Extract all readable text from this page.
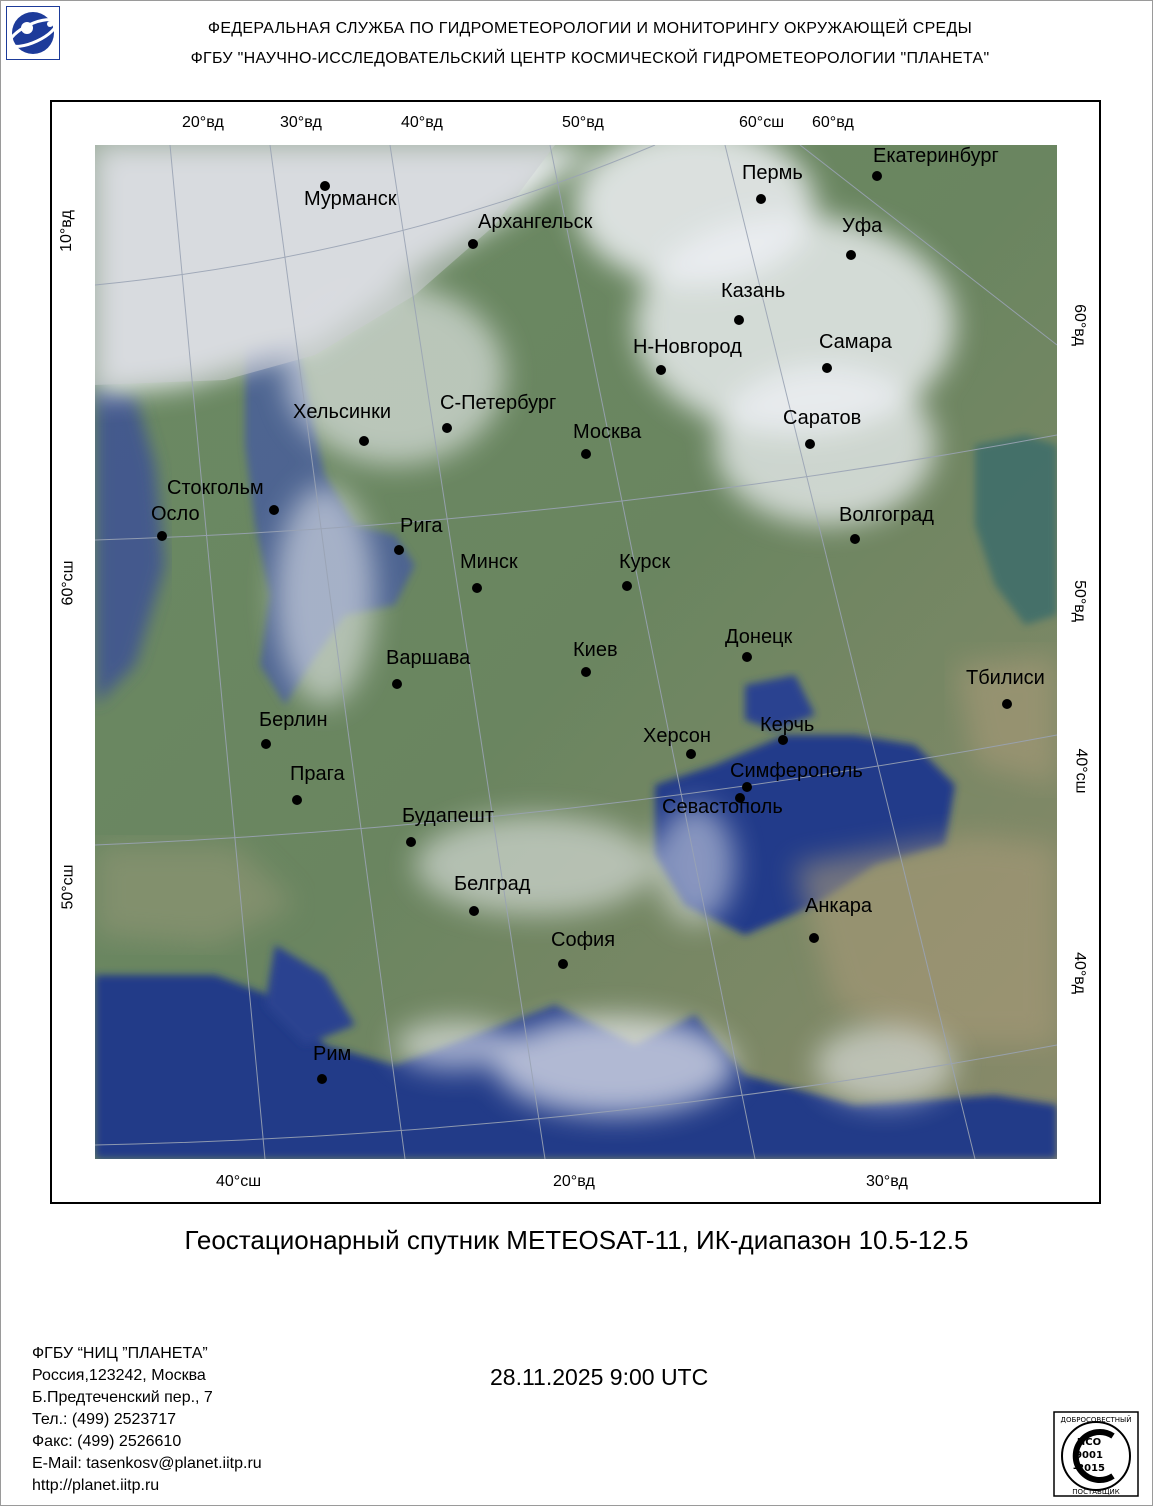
ФЕДЕРАЛЬНАЯ СЛУЖБА ПО ГИДРОМЕТЕОРОЛОГИИ И МОНИТОРИНГУ ОКРУЖАЮЩЕЙ СРЕДЫ
ФГБУ "НАУЧНО-ИССЛЕДОВАТЕЛЬСКИЙ ЦЕНТР КОСМИЧЕСКОЙ ГИДРОМЕТЕОРОЛОГИИ "ПЛАНЕТА"
20°вд	30°вд	40°вд	50°вд	60°сш 60°вд
40°сш	20°вд	30°вд
10°вд
60°сш
50°сш
60°вд
50°вд
40°сш
40°вд
Мурманск
Архангельск
Пермь
Екатеринбург
Уфа
Казань
Самара
Н-Новгород
Хельсинки С-Петербург
Москва
Саратов
Стокгольм
Осло
Рига	Волгоград
Минск	Курск
Донецк
Варшава	Киев
Тбилиси
Берлин
Херсон Керчь
Прага	Симферополь
Севастополь
Будапешт
Белград
Анкара
София
Рим
Геостационарный спутник METEOSAT-11, ИК-диапазон 10.5-12.5
ФГБУ “НИЦ ”ПЛАНЕТА”
Россия,123242, Москва
Б.Предтеченский пер., 7
Тел.: (499) 2523717
Факс: (499) 2526610
E-Mail: tasenkosv@planet.iitp.ru
http://planet.iitp.ru
28.11.2025 9:00 UTC
ДОБРОСОВЕСТНЫЙ
ИСО
9001
-2015
ПОСТАВЩИК
